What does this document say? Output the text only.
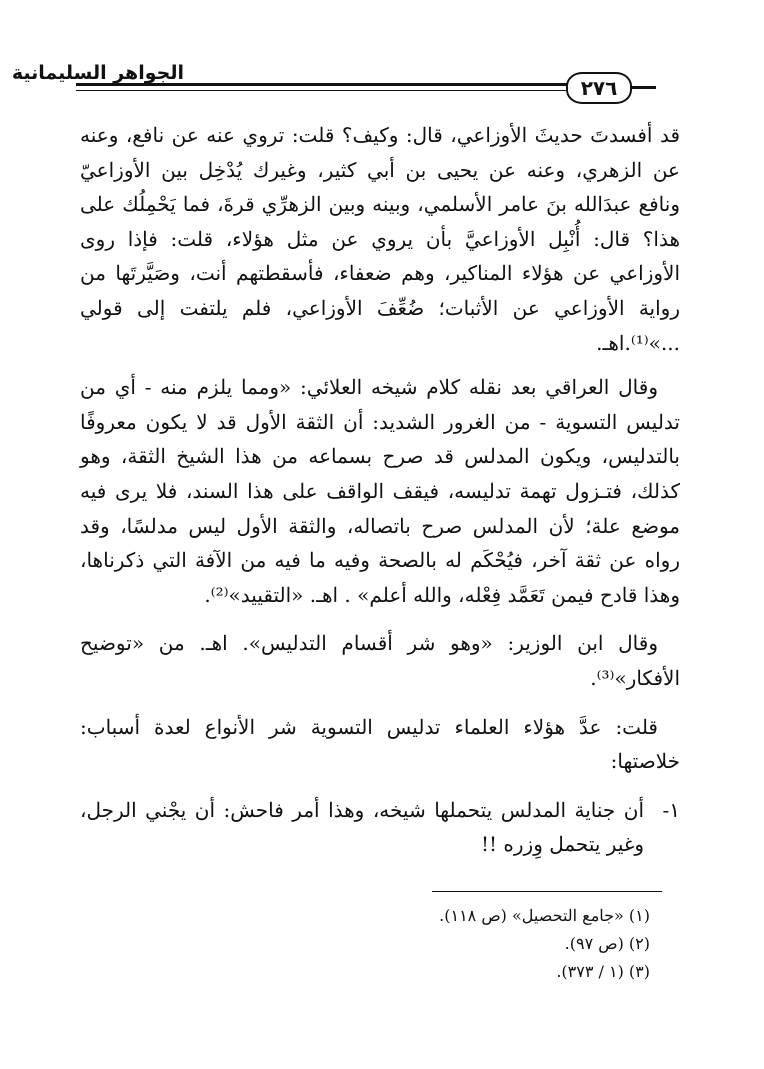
الجواهر السليمانية
٢٧٦

قد أفسدتَ حديثَ الأوزاعي، قال: وكيف؟ قلت: تروي عنه عن نافع، وعنه عن الزهري، وعنه عن يحيى بن أبي كثير، وغيرك يُدْخِل بين الأوزاعيّ ونافع عبدَالله بنَ عامر الأسلمي، وبينه وبين الزهرِّي قرةَ، فما يَحْمِلُك على هذا؟ قال: أُنْبِل الأوزاعيَّ بأن يروي عن مثل هؤلاء، قلت: فإذا روى الأوزاعي عن هؤلاء المناكير، وهم ضعفاء، فأسقطتهم أنت، وصَيَّرتَها من رواية الأوزاعي عن الأثبات؛ ضُعِّفَ الأوزاعي، فلم يلتفت إلى قولي ...»⁽¹⁾.اهـ.

وقال العراقي بعد نقله كلام شيخه العلائي: «ومما يلزم منه - أي من تدليس التسوية - من الغرور الشديد: أن الثقة الأول قد لا يكون معروفًا بالتدليس، ويكون المدلس قد صرح بسماعه من هذا الشيخ الثقة، وهو كذلك، فتـزول تهمة تدليسه، فيقف الواقف على هذا السند، فلا يرى فيه موضع علة؛ لأن المدلس صرح باتصاله، والثقة الأول ليس مدلسًا، وقد رواه عن ثقة آخر، فيُحْكَم له بالصحة وفيه ما فيه من الآفة التي ذكرناها، وهذا قادح فيمن تَعَمَّد فِعْله، والله أعلم» . اهـ. «التقييد»⁽²⁾.

وقال ابن الوزير: «وهو شر أقسام التدليس». اهـ. من «توضيح الأفكار»⁽³⁾.

قلت: عدَّ هؤلاء العلماء تدليس التسوية شر الأنواع لعدة أسباب: خلاصتها:

١-
أن جناية المدلس يتحملها شيخه، وهذا أمر فاحش: أن يجْني الرجل، وغير يتحمل وِزره !!

(١) «جامع التحصيل» (ص ١١٨).
(٢) (ص ٩٧).
(٣) (١ / ٣٧٣).
